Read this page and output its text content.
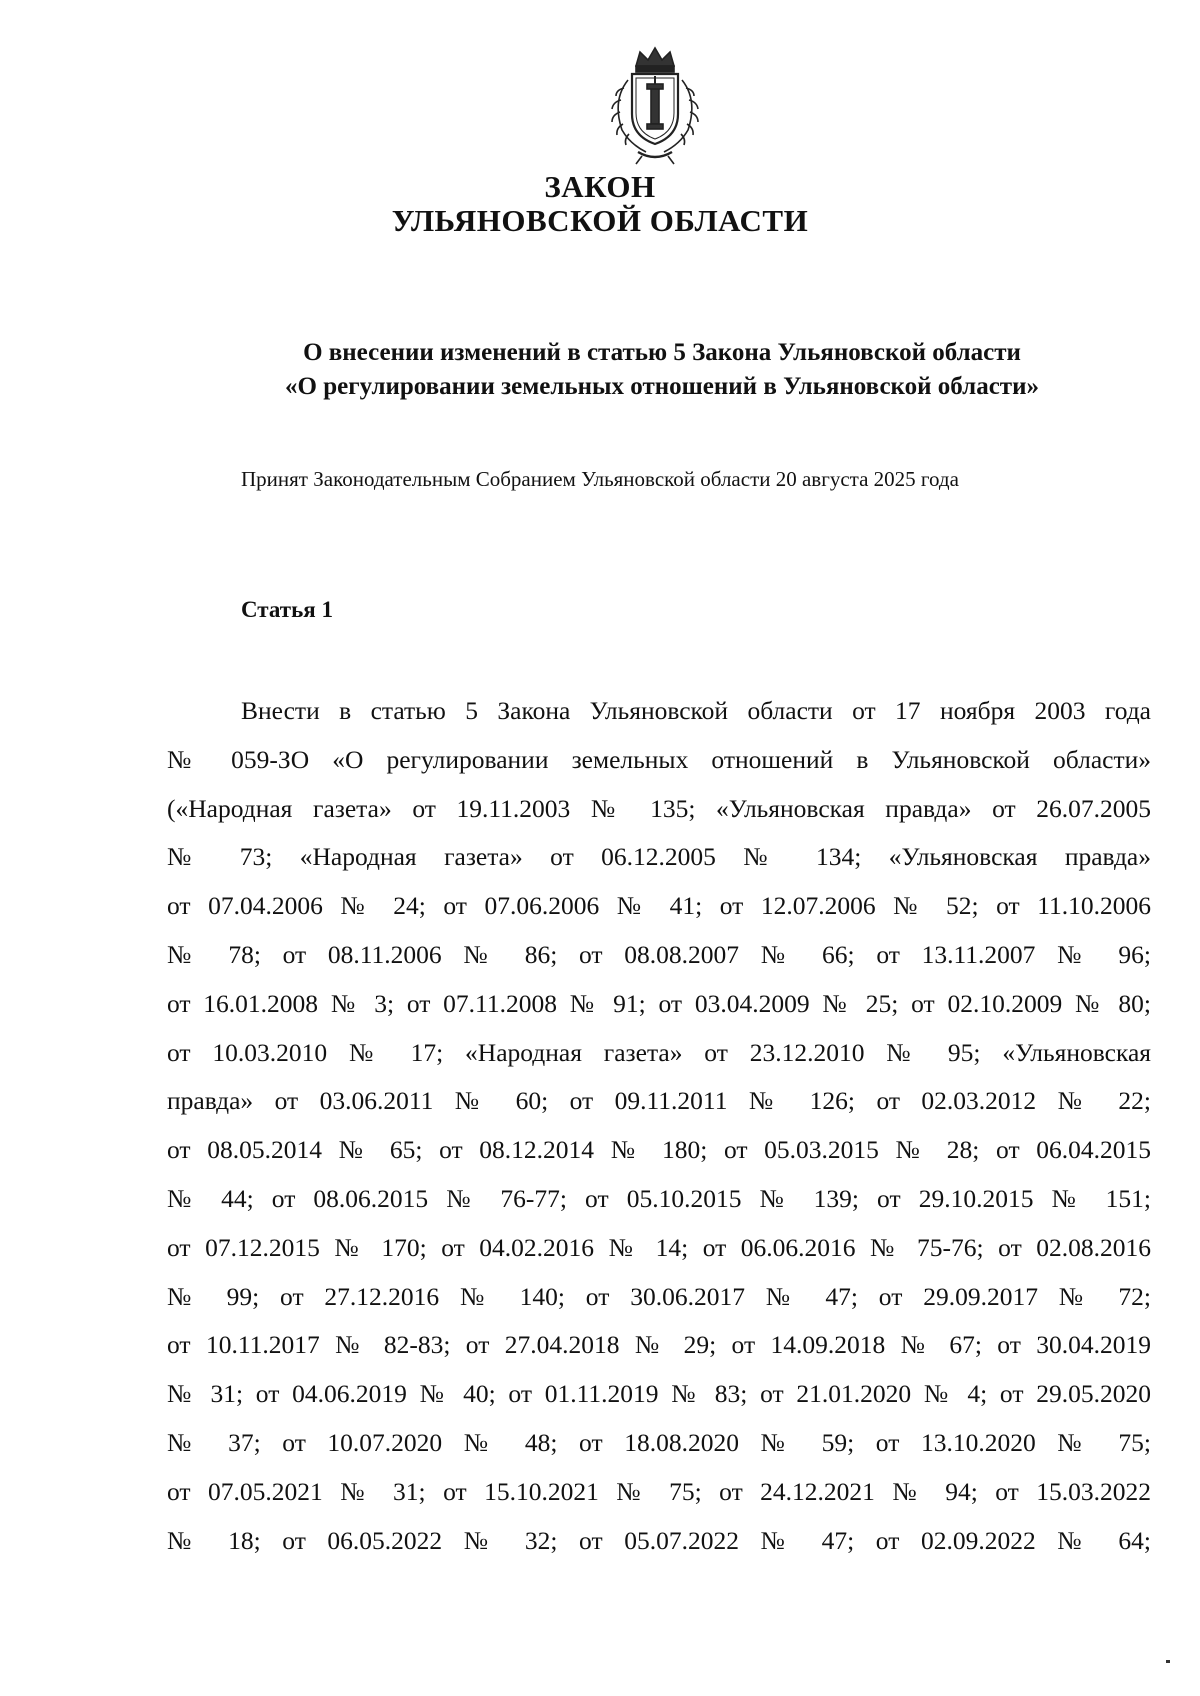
ЗАКОН
УЛЬЯНОВСКОЙ ОБЛАСТИ

О внесении изменений в статью 5 Закона Ульяновской области

«О регулировании земельных отношений в Ульяновской области»

Принят Законодательным Собранием Ульяновской области 20 августа 2025 года

Статья 1
Внести в статью 5 Закона Ульяновской области от 17 ноября 2003 года
№ 059-ЗО «О регулировании земельных отношений в Ульяновской области»
(«Народная газета» от 19.11.2003 № 135; «Ульяновская правда» от 26.07.2005
№ 73; «Народная газета» от 06.12.2005 № 134; «Ульяновская правда»
от 07.04.2006 № 24; от 07.06.2006 № 41; от 12.07.2006 № 52; от 11.10.2006
№ 78; от 08.11.2006 № 86; от 08.08.2007 № 66; от 13.11.2007 № 96;
от 16.01.2008 № 3; от 07.11.2008 № 91; от 03.04.2009 № 25; от 02.10.2009 № 80;
от 10.03.2010 № 17; «Народная газета» от 23.12.2010 № 95; «Ульяновская
правда» от 03.06.2011 № 60; от 09.11.2011 № 126; от 02.03.2012 № 22;
от 08.05.2014 № 65; от 08.12.2014 № 180; от 05.03.2015 № 28; от 06.04.2015
№ 44; от 08.06.2015 № 76-77; от 05.10.2015 № 139; от 29.10.2015 № 151;
от 07.12.2015 № 170; от 04.02.2016 № 14; от 06.06.2016 № 75-76; от 02.08.2016
№ 99; от 27.12.2016 № 140; от 30.06.2017 № 47; от 29.09.2017 № 72;
от 10.11.2017 № 82-83; от 27.04.2018 № 29; от 14.09.2018 № 67; от 30.04.2019
№ 31; от 04.06.2019 № 40; от 01.11.2019 № 83; от 21.01.2020 № 4; от 29.05.2020
№ 37; от 10.07.2020 № 48; от 18.08.2020 № 59; от 13.10.2020 № 75;
от 07.05.2021 № 31; от 15.10.2021 № 75; от 24.12.2021 № 94; от 15.03.2022
№ 18; от 06.05.2022 № 32; от 05.07.2022 № 47; от 02.09.2022 № 64;
